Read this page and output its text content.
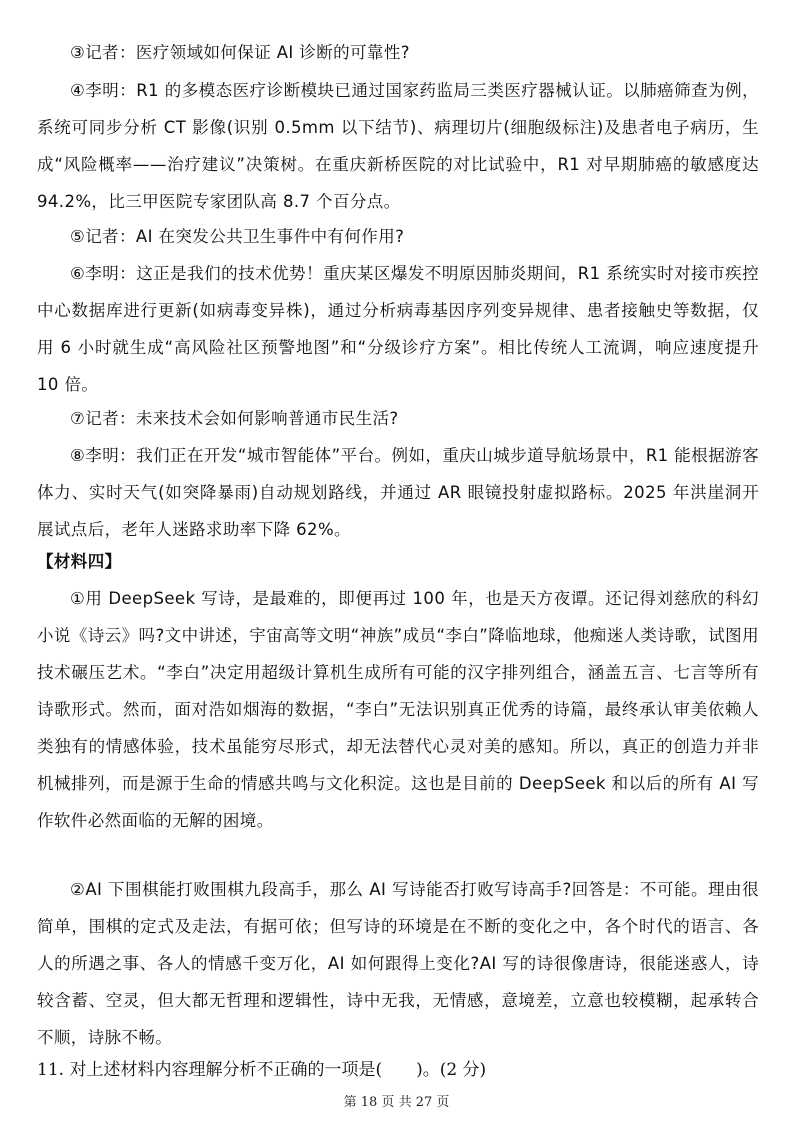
③记者：医疗领域如何保证 AI 诊断的可靠性?

④李明：R1 的多模态医疗诊断模块已通过国家药监局三类医疗器械认证。以肺癌筛查为例，系统可同步分析 CT 影像(识别 0.5mm 以下结节)、病理切片(细胞级标注)及患者电子病历，生成“风险概率——治疗建议”决策树。在重庆新桥医院的对比试验中，R1 对早期肺癌的敏感度达 94.2%，比三甲医院专家团队高 8.7 个百分点。

⑤记者：AI 在突发公共卫生事件中有何作用?

⑥李明：这正是我们的技术优势！重庆某区爆发不明原因肺炎期间，R1 系统实时对接市疾控中心数据库进行更新(如病毒变异株)，通过分析病毒基因序列变异规律、患者接触史等数据，仅用 6 小时就生成“高风险社区预警地图”和“分级诊疗方案”。相比传统人工流调，响应速度提升 10 倍。

⑦记者：未来技术会如何影响普通市民生活?

⑧李明：我们正在开发“城市智能体”平台。例如，重庆山城步道导航场景中，R1 能根据游客体力、实时天气(如突降暴雨)自动规划路线，并通过 AR 眼镜投射虚拟路标。2025 年洪崖洞开展试点后，老年人迷路求助率下降 62%。

【材料四】

①用 DeepSeek 写诗，是最难的，即便再过 100 年，也是天方夜谭。还记得刘慈欣的科幻小说《诗云》吗?文中讲述，宇宙高等文明“神族”成员“李白”降临地球，他痴迷人类诗歌，试图用技术碾压艺术。“李白”决定用超级计算机生成所有可能的汉字排列组合，涵盖五言、七言等所有诗歌形式。然而，面对浩如烟海的数据，“李白”无法识别真正优秀的诗篇，最终承认审美依赖人类独有的情感体验，技术虽能穷尽形式，却无法替代心灵对美的感知。所以，真正的创造力并非机械排列，而是源于生命的情感共鸣与文化积淀。这也是目前的 DeepSeek 和以后的所有 AI 写作软件必然面临的无解的困境。

②AI 下围棋能打败围棋九段高手，那么 AI 写诗能否打败写诗高手?回答是：不可能。理由很简单，围棋的定式及走法，有据可依；但写诗的环境是在不断的变化之中，各个时代的语言、各人的所遇之事、各人的情感千变万化，AI 如何跟得上变化?AI 写的诗很像唐诗，很能迷惑人，诗较含蓄、空灵，但大都无哲理和逻辑性，诗中无我，无情感，意境差，立意也较模糊，起承转合不顺，诗脉不畅。

11. 对上述材料内容理解分析不正确的一项是(　　)。(2 分)

第 18 页 共 27 页
